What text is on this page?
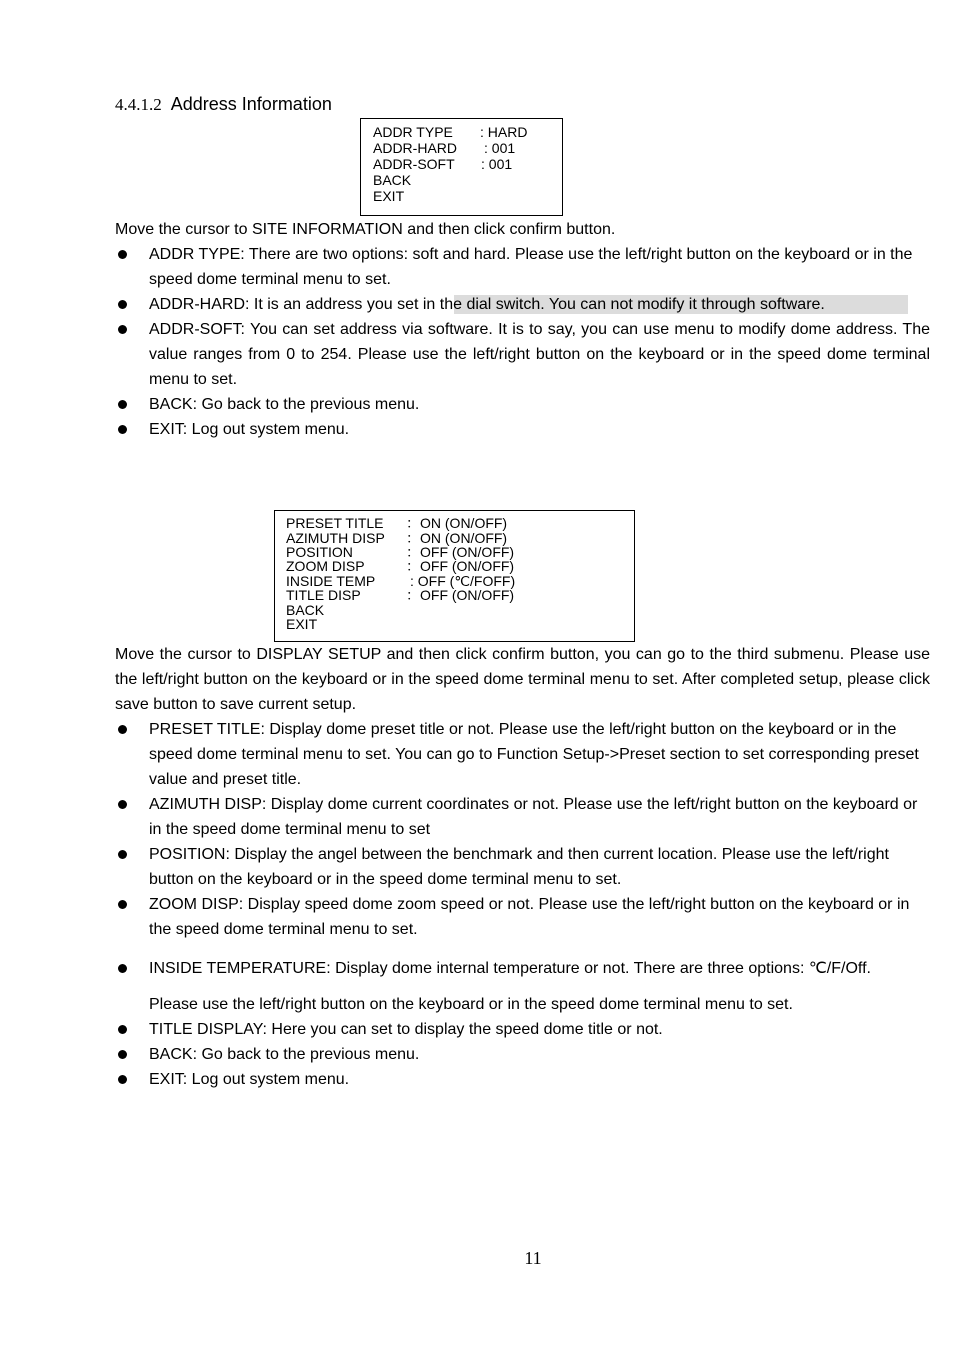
4.4.1.2 Address Information
ADDR TYPE : HARD
ADDR-HARD : 001
ADDR-SOFT : 001
BACK
EXIT

Move the cursor to SITE INFORMATION and then click confirm button.

ADDR TYPE: There are two options: soft and hard. Please use the left/right button on the keyboard or in the speed dome terminal menu to set.
ADDR-HARD: It is an address you set in the dial switch. You can not modify it through software.
ADDR-SOFT: You can set address via software. It is to say, you can use menu to modify dome address. The value ranges from 0 to 254. Please use the left/right button on the keyboard or in the speed dome terminal menu to set.
BACK: Go back to the previous menu.
EXIT: Log out system menu.
PRESET TITLE ：ON (ON/OFF)
AZIMUTH DISP ：ON (ON/OFF)
POSITION	：OFF (ON/OFF)
ZOOM DISP	：OFF (ON/OFF)
INSIDE TEMP : OFF (℃/FOFF)
TITLE DISP	：OFF (ON/OFF)
BACK
EXIT

Move the cursor to DISPLAY SETUP and then click confirm button, you can go to the third submenu. Please use the left/right button on the keyboard or in the speed dome terminal menu to set. After completed setup, please click save button to save current setup.

PRESET TITLE: Display dome preset title or not. Please use the left/right button on the keyboard or in the speed dome terminal menu to set. You can go to Function Setup->Preset section to set corresponding preset value and preset title.
AZIMUTH DISP: Display dome current coordinates or not. Please use the left/right button on the keyboard or in the speed dome terminal menu to set
POSITION: Display the angel between the benchmark and then current location. Please use the left/right button on the keyboard or in the speed dome terminal menu to set.
ZOOM DISP: Display speed dome zoom speed or not. Please use the left/right button on the keyboard or in the speed dome terminal menu to set.
INSIDE TEMPERATURE: Display dome internal temperature or not. There are three options: ℃/F/Off.

Please use the left/right button on the keyboard or in the speed dome terminal menu to set.

TITLE DISPLAY: Here you can set to display the speed dome title or not.
BACK: Go back to the previous menu.
EXIT: Log out system menu.
11
